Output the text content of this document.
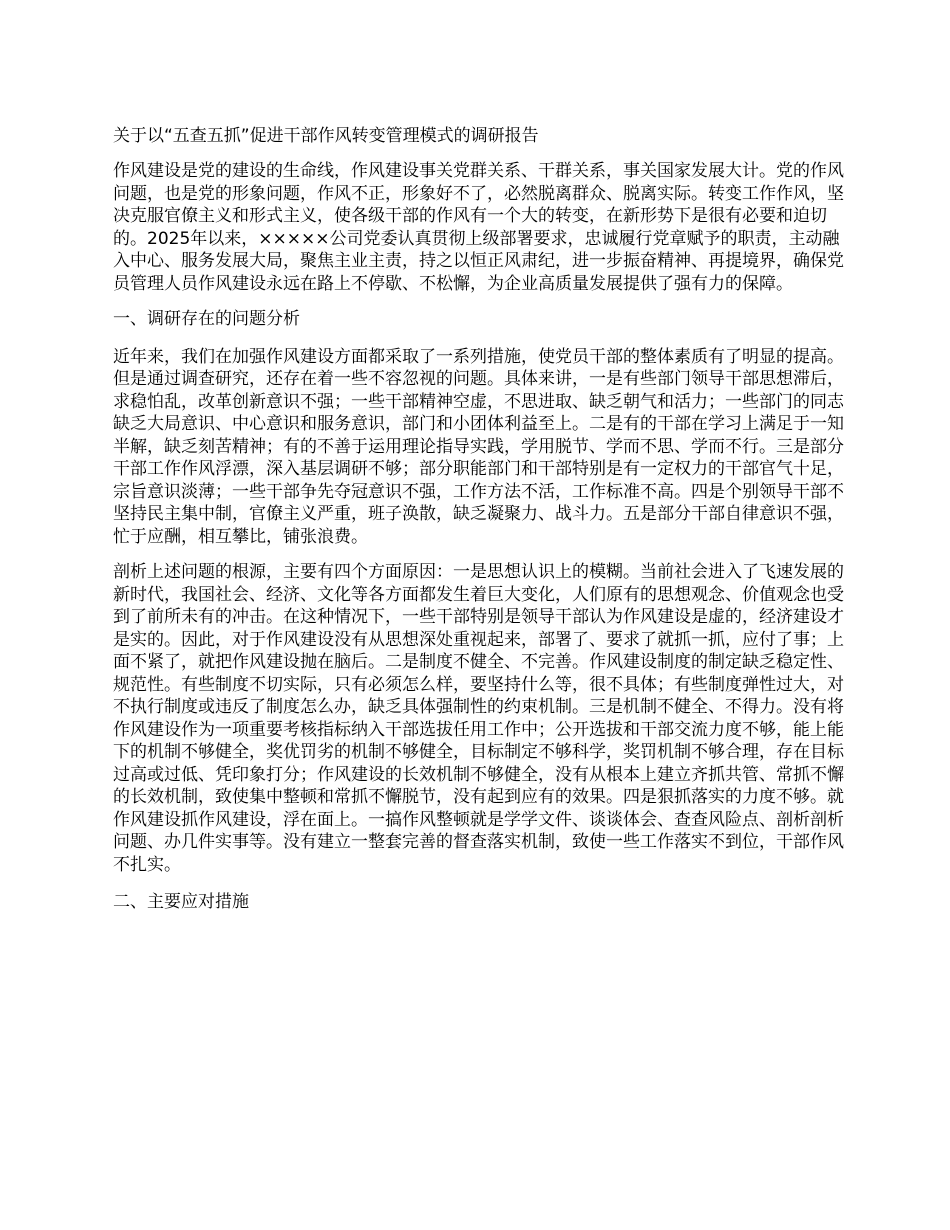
关于以“五查五抓”促进干部作风转变管理模式的调研报告

作风建设是党的建设的生命线，作风建设事关党群关系、干群关系，事关国家发展大计。党的作风问题，也是党的形象问题，作风不正，形象好不了，必然脱离群众、脱离实际。转变工作作风，坚决克服官僚主义和形式主义，使各级干部的作风有一个大的转变，在新形势下是很有必要和迫切的。2025年以来，×××××公司党委认真贯彻上级部署要求，忠诚履行党章赋予的职责，主动融入中心、服务发展大局，聚焦主业主责，持之以恒正风肃纪，进一步振奋精神、再提境界，确保党员管理人员作风建设永远在路上不停歇、不松懈，为企业高质量发展提供了强有力的保障。

一、调研存在的问题分析

近年来，我们在加强作风建设方面都采取了一系列措施，使党员干部的整体素质有了明显的提高。但是通过调查研究，还存在着一些不容忽视的问题。具体来讲，一是有些部门领导干部思想滞后，求稳怕乱，改革创新意识不强；一些干部精神空虚，不思进取、缺乏朝气和活力；一些部门的同志缺乏大局意识、中心意识和服务意识，部门和小团体利益至上。二是有的干部在学习上满足于一知半解，缺乏刻苦精神；有的不善于运用理论指导实践，学用脱节、学而不思、学而不行。三是部分干部工作作风浮漂，深入基层调研不够；部分职能部门和干部特别是有一定权力的干部官气十足，宗旨意识淡薄；一些干部争先夺冠意识不强，工作方法不活，工作标准不高。四是个别领导干部不坚持民主集中制，官僚主义严重，班子涣散，缺乏凝聚力、战斗力。五是部分干部自律意识不强，忙于应酬，相互攀比，铺张浪费。

剖析上述问题的根源，主要有四个方面原因：一是思想认识上的模糊。当前社会进入了飞速发展的新时代，我国社会、经济、文化等各方面都发生着巨大变化，人们原有的思想观念、价值观念也受到了前所未有的冲击。在这种情况下，一些干部特别是领导干部认为作风建设是虚的，经济建设才是实的。因此，对于作风建设没有从思想深处重视起来，部署了、要求了就抓一抓，应付了事；上面不紧了，就把作风建设抛在脑后。二是制度不健全、不完善。作风建设制度的制定缺乏稳定性、规范性。有些制度不切实际，只有必须怎么样，要坚持什么等，很不具体；有些制度弹性过大，对不执行制度或违反了制度怎么办，缺乏具体强制性的约束机制。三是机制不健全、不得力。没有将作风建设作为一项重要考核指标纳入干部选拔任用工作中；公开选拔和干部交流力度不够，能上能下的机制不够健全，奖优罚劣的机制不够健全，目标制定不够科学，奖罚机制不够合理，存在目标过高或过低、凭印象打分；作风建设的长效机制不够健全，没有从根本上建立齐抓共管、常抓不懈的长效机制，致使集中整顿和常抓不懈脱节，没有起到应有的效果。四是狠抓落实的力度不够。就作风建设抓作风建设，浮在面上。一搞作风整顿就是学学文件、谈谈体会、查查风险点、剖析剖析问题、办几件实事等。没有建立一整套完善的督查落实机制，致使一些工作落实不到位，干部作风不扎实。

二、主要应对措施
